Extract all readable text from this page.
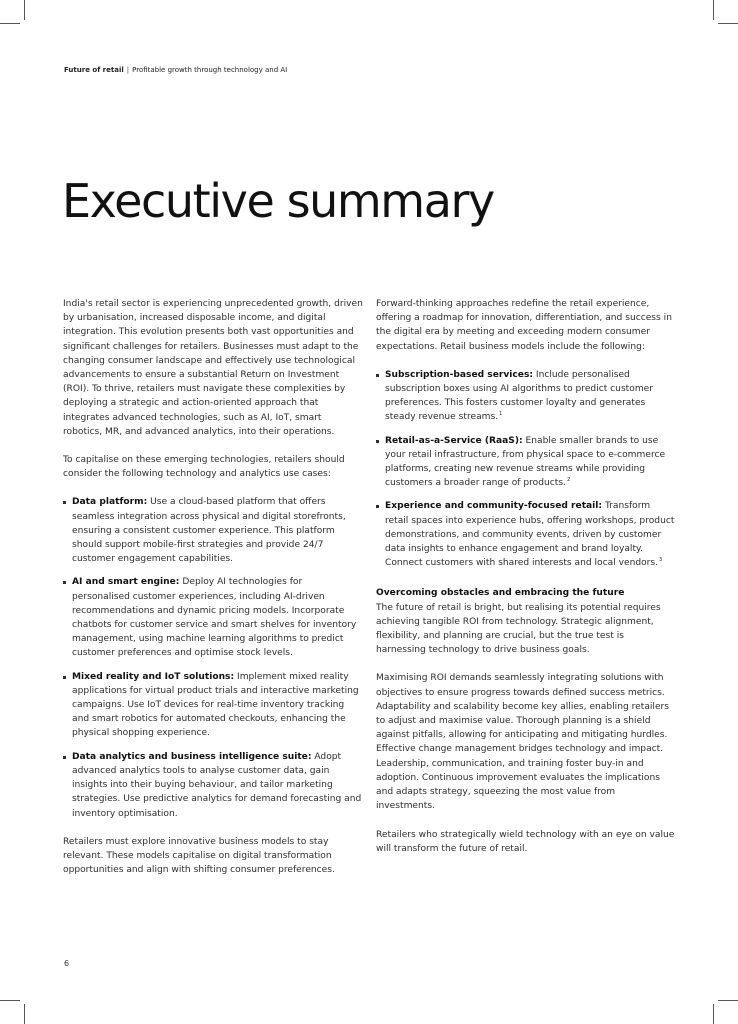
Future of retail | Profitable growth through technology and AI
Executive summary

India's retail sector is experiencing unprecedented growth, driven by urbanisation, increased disposable income, and digital integration. This evolution presents both vast opportunities and significant challenges for retailers. Businesses must adapt to the changing consumer landscape and effectively use technological advancements to ensure a substantial Return on Investment (ROI). To thrive, retailers must navigate these complexities by deploying a strategic and action-oriented approach that integrates advanced technologies, such as AI, IoT, smart robotics, MR, and advanced analytics, into their operations.

To capitalise on these emerging technologies, retailers should consider the following technology and analytics use cases:

Data platform: Use a cloud-based platform that offers seamless integration across physical and digital storefronts, ensuring a consistent customer experience. This platform should support mobile-first strategies and provide 24/7 customer engagement capabilities.
AI and smart engine: Deploy AI technologies for personalised customer experiences, including AI-driven recommendations and dynamic pricing models. Incorporate chatbots for customer service and smart shelves for inventory management, using machine learning algorithms to predict customer preferences and optimise stock levels.
Mixed reality and IoT solutions: Implement mixed reality applications for virtual product trials and interactive marketing campaigns. Use IoT devices for real-time inventory tracking and smart robotics for automated checkouts, enhancing the physical shopping experience.
Data analytics and business intelligence suite: Adopt advanced analytics tools to analyse customer data, gain insights into their buying behaviour, and tailor marketing strategies. Use predictive analytics for demand forecasting and inventory optimisation.

Retailers must explore innovative business models to stay relevant. These models capitalise on digital transformation opportunities and align with shifting consumer preferences.

Forward-thinking approaches redefine the retail experience, offering a roadmap for innovation, differentiation, and success in the digital era by meeting and exceeding modern consumer expectations. Retail business models include the following:

Subscription-based services: Include personalised subscription boxes using AI algorithms to predict customer preferences. This fosters customer loyalty and generates steady revenue streams.$^1$
Retail-as-a-Service (RaaS): Enable smaller brands to use your retail infrastructure, from physical space to e-commerce platforms, creating new revenue streams while providing customers a broader range of products.$^2$
Experience and community-focused retail: Transform retail spaces into experience hubs, offering workshops, product demonstrations, and community events, driven by customer data insights to enhance engagement and brand loyalty. Connect customers with shared interests and local vendors.$^3$
Overcoming obstacles and embracing the future

The future of retail is bright, but realising its potential requires achieving tangible ROI from technology. Strategic alignment, flexibility, and planning are crucial, but the true test is harnessing technology to drive business goals.

Maximising ROI demands seamlessly integrating solutions with objectives to ensure progress towards defined success metrics. Adaptability and scalability become key allies, enabling retailers to adjust and maximise value. Thorough planning is a shield against pitfalls, allowing for anticipating and mitigating hurdles. Effective change management bridges technology and impact. Leadership, communication, and training foster buy-in and adoption. Continuous improvement evaluates the implications and adapts strategy, squeezing the most value from investments.

Retailers who strategically wield technology with an eye on value will transform the future of retail.

6
